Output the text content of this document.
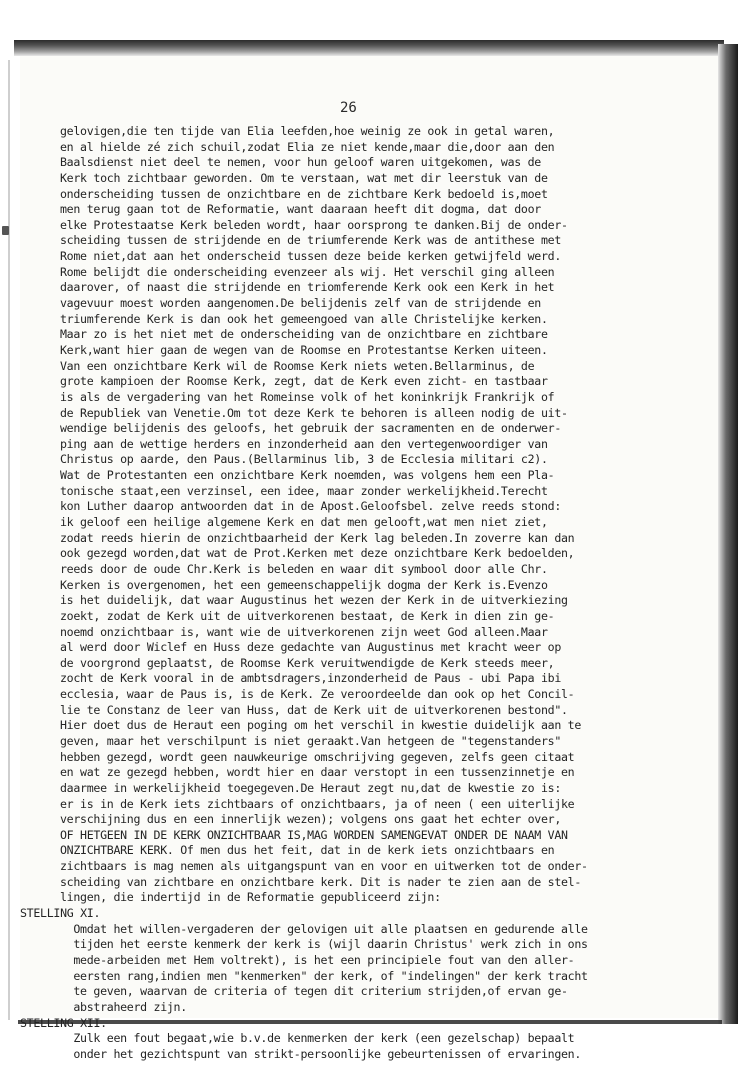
26
gelovigen,die ten tijde van Elia leefden,hoe weinig ze ook in getal waren,
en al hielde zé zich schuil,zodat Elia ze niet kende,maar die,door aan den
Baalsdienst niet deel te nemen, voor hun geloof waren uitgekomen, was de
Kerk toch zichtbaar geworden. Om te verstaan, wat met dir leerstuk van de
onderscheiding tussen de onzichtbare en de zichtbare Kerk bedoeld is,moet
men terug gaan tot de Reformatie, want daaraan heeft dit dogma, dat door
elke Protestaatse Kerk beleden wordt, haar oorsprong te danken.Bij de onder-
scheiding tussen de strijdende en de triumferende Kerk was de antithese met
Rome niet,dat aan het onderscheid tussen deze beide kerken getwijfeld werd.
Rome belijdt die onderscheiding evenzeer als wij. Het verschil ging alleen
daarover, of naast die strijdende en triomferende Kerk ook een Kerk in het
vagevuur moest worden aangenomen.De belijdenis zelf van de strijdende en
triumferende Kerk is dan ook het gemeengoed van alle Christelijke kerken.
Maar zo is het niet met de onderscheiding van de onzichtbare en zichtbare
Kerk,want hier gaan de wegen van de Roomse en Protestantse Kerken uiteen.
Van een onzichtbare Kerk wil de Roomse Kerk niets weten.Bellarminus, de
grote kampioen der Roomse Kerk, zegt, dat de Kerk even zicht- en tastbaar
is als de vergadering van het Romeinse volk of het koninkrijk Frankrijk of
de Republiek van Venetie.Om tot deze Kerk te behoren is alleen nodig de uit-
wendige belijdenis des geloofs, het gebruik der sacramenten en de onderwer-
ping aan de wettige herders en inzonderheid aan den vertegenwoordiger van
Christus op aarde, den Paus.(Bellarminus lib, 3 de Ecclesia militari c2).
Wat de Protestanten een onzichtbare Kerk noemden, was volgens hem een Pla-
tonische staat,een verzinsel, een idee, maar zonder werkelijkheid.Terecht
kon Luther daarop antwoorden dat in de Apost.Geloofsbel. zelve reeds stond:
ik geloof een heilige algemene Kerk en dat men gelooft,wat men niet ziet,
zodat reeds hierin de onzichtbaarheid der Kerk lag beleden.In zoverre kan dan
ook gezegd worden,dat wat de Prot.Kerken met deze onzichtbare Kerk bedoelden,
reeds door de oude Chr.Kerk is beleden en waar dit symbool door alle Chr.
Kerken is overgenomen, het een gemeenschappelijk dogma der Kerk is.Evenzo
is het duidelijk, dat waar Augustinus het wezen der Kerk in de uitverkiezing
zoekt, zodat de Kerk uit de uitverkorenen bestaat, de Kerk in dien zin ge-
noemd onzichtbaar is, want wie de uitverkorenen zijn weet God alleen.Maar
al werd door Wiclef en Huss deze gedachte van Augustinus met kracht weer op
de voorgrond geplaatst, de Roomse Kerk veruitwendigde de Kerk steeds meer,
zocht de Kerk vooral in de ambtsdragers,inzonderheid de Paus - ubi Papa ibi
ecclesia, waar de Paus is, is de Kerk. Ze veroordeelde dan ook op het Concil-
lie te Constanz de leer van Huss, dat de Kerk uit de uitverkorenen bestond".
Hier doet dus de Heraut een poging om het verschil in kwestie duidelijk aan te
geven, maar het verschilpunt is niet geraakt.Van hetgeen de "tegenstanders"
hebben gezegd, wordt geen nauwkeurige omschrijving gegeven, zelfs geen citaat
en wat ze gezegd hebben, wordt hier en daar verstopt in een tussenzinnetje en
daarmee in werkelijkheid toegegeven.De Heraut zegt nu,dat de kwestie zo is:
er is in de Kerk iets zichtbaars of onzichtbaars, ja of neen ( een uiterlijke
verschijning dus en een innerlijk wezen); volgens ons gaat het echter over,
OF HETGEEN IN DE KERK ONZICHTBAAR IS,MAG WORDEN SAMENGEVAT ONDER DE NAAM VAN
ONZICHTBARE KERK. Of men dus het feit, dat in de kerk iets onzichtbaars en
zichtbaars is mag nemen als uitgangspunt van en voor en uitwerken tot de onder-
scheiding van zichtbare en onzichtbare kerk. Dit is nader te zien aan de stel-
lingen, die indertijd in de Reformatie gepubliceerd zijn:
STELLING XI.
Omdat het willen-vergaderen der gelovigen uit alle plaatsen en gedurende alle
tijden het eerste kenmerk der kerk is (wijl daarin Christus' werk zich in ons
mede-arbeiden met Hem voltrekt), is het een principiele fout van den aller-
eersten rang,indien men "kenmerken" der kerk, of "indelingen" der kerk tracht
te geven, waarvan de criteria of tegen dit criterium strijden,of ervan ge-
abstraheerd zijn.
STELLING XII.
Zulk een fout begaat,wie b.v.de kenmerken der kerk (een gezelschap) bepaalt
onder het gezichtspunt van strikt-persoonlijke gebeurtenissen of ervaringen.
